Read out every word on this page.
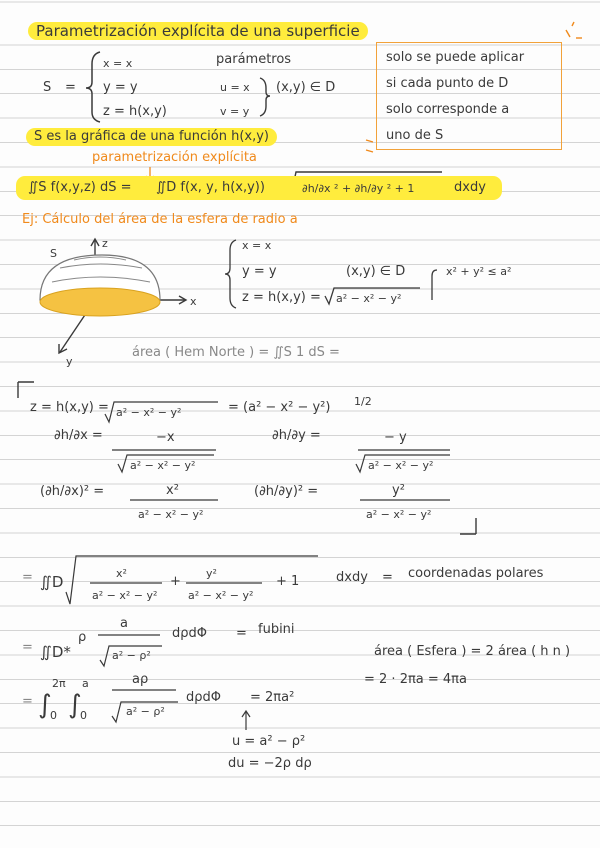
Parametrización explícita de una superficie
S =
x = x
y = y
z = h(x,y)
parámetros
u = x
v = y
(x,y) ∈ D
solo se puede aplicar
si cada punto de D
solo corresponde a
uno de S
S es la gráfica de una función h(x,y)
parametrización explícita
∬S f(x,y,z) dS = ∬D f(x, y, h(x,y))	∂h/∂x ² + ∂h/∂y ² + 1	dxdy
Ej: Cálculo del área de la esfera de radio a
S
z
x
y
x = x
y = y	(x,y) ∈ D	x² + y² ≤ a²
z = h(x,y) = a² − x² − y²
área ( Hem Norte ) = ∬S 1 dS =
z = h(x,y) = a² − x² − y²	= (a² − x² − y²) 1/2
∂h/∂x =	−x
a² − x² − y²
∂h/∂y =	− y
a² − x² − y²
(∂h/∂x)² =	x²
a² − x² − y²
(∂h/∂y)² =	y²
a² − x² − y²
= ∬D	x²
a² − x² − y²
+
y²
a² − x² − y²
+ 1	dxdy = coordenadas polares
= ∬D*
ρ
a
a² − ρ²
dρdΦ = fubini
área ( Esfera ) = 2 área ( h n )
= 2 · 2πa = 4πa
= ∫
2π
0 ∫
a
0
aρ
a² − ρ²
dρdΦ = 2πa²
u = a² − ρ²
du = −2ρ dρ
